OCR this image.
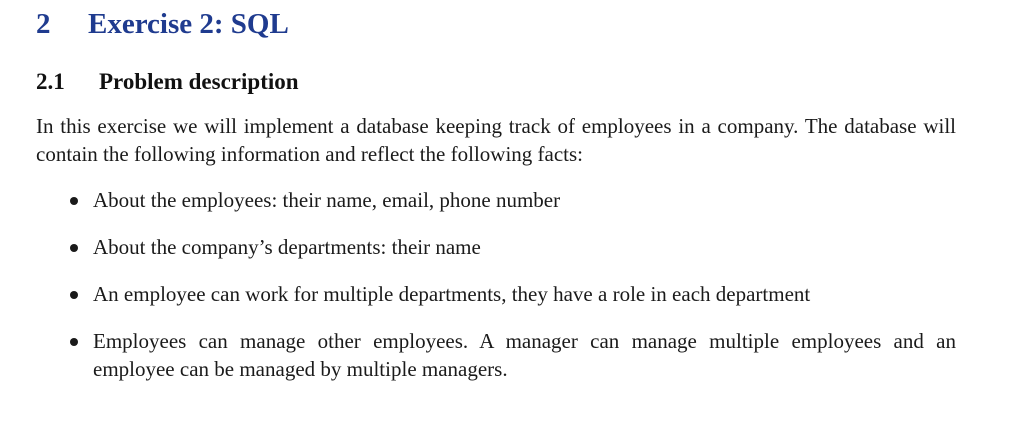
2 Exercise 2: SQL
2.1 Problem description

In this exercise we will implement a database keeping track of employees in a company. The database will contain the following information and reflect the following facts:

About the employees: their name, email, phone number
About the company’s departments: their name
An employee can work for multiple departments, they have a role in each department
Employees can manage other employees. A manager can manage multiple employees and an employee can be managed by multiple managers.
